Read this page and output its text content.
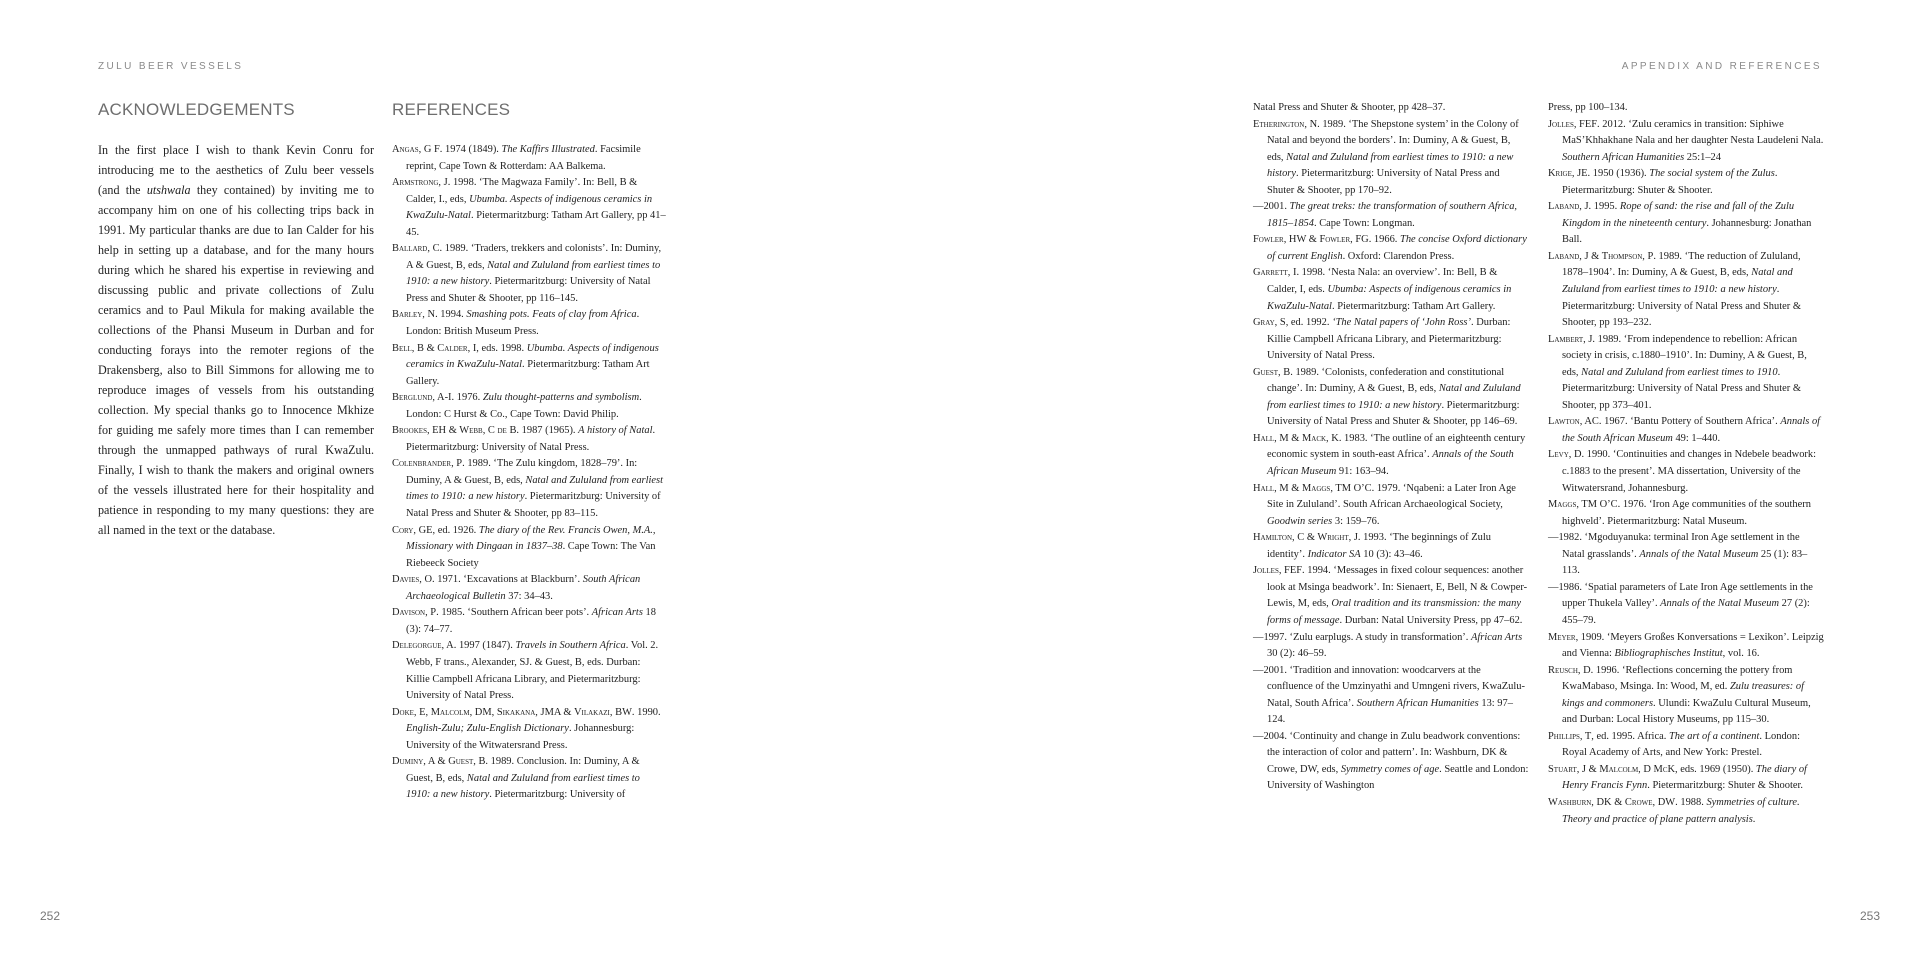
ZULU BEER VESSELS
ACKNOWLEDGEMENTS

In the first place I wish to thank Kevin Conru for introducing me to the aesthetics of Zulu beer vessels (and the utshwala they contained) by inviting me to accompany him on one of his collecting trips back in 1991. My particular thanks are due to Ian Calder for his help in setting up a database, and for the many hours during which he shared his expertise in reviewing and discussing public and private collections of Zulu ceramics and to Paul Mikula for making available the collections of the Phansi Museum in Durban and for conducting forays into the remoter regions of the Drakensberg, also to Bill Simmons for allowing me to reproduce images of vessels from his outstanding collection. My special thanks go to Innocence Mkhize for guiding me safely more times than I can remember through the unmapped pathways of rural KwaZulu. Finally, I wish to thank the makers and original owners of the vessels illustrated here for their hospitality and patience in responding to my many questions: they are all named in the text or the database.

REFERENCES
Angas, G F. 1974 (1849). The Kaffirs Illustrated. Facsimile reprint, Cape Town & Rotterdam: AA Balkema.
Armstrong, J. 1998. ‘The Magwaza Family’. In: Bell, B & Calder, I., eds, Ubumba. Aspects of indigenous ceramics in KwaZulu-Natal. Pietermaritzburg: Tatham Art Gallery, pp 41–45.
Ballard, C. 1989. ‘Traders, trekkers and colonists’. In: Duminy, A & Guest, B, eds, Natal and Zululand from earliest times to 1910: a new history. Pietermaritzburg: University of Natal Press and Shuter & Shooter, pp 116–145.
Barley, N. 1994. Smashing pots. Feats of clay from Africa. London: British Museum Press.
Bell, B & Calder, I, eds. 1998. Ubumba. Aspects of indigenous ceramics in KwaZulu-Natal. Pietermaritzburg: Tatham Art Gallery.
Berglund, A-I. 1976. Zulu thought-patterns and symbolism. London: C Hurst & Co., Cape Town: David Philip.
Brookes, EH & Webb, C de B. 1987 (1965). A history of Natal. Pietermaritzburg: University of Natal Press.
Colenbrander, P. 1989. ‘The Zulu kingdom, 1828–79’. In: Duminy, A & Guest, B, eds, Natal and Zululand from earliest times to 1910: a new history. Pietermaritzburg: University of Natal Press and Shuter & Shooter, pp 83–115.
Cory, GE, ed. 1926. The diary of the Rev. Francis Owen, M.A., Missionary with Dingaan in 1837–38. Cape Town: The Van Riebeeck Society
Davies, O. 1971. ‘Excavations at Blackburn’. South African Archaeological Bulletin 37: 34–43.
Davison, P. 1985. ‘Southern African beer pots’. African Arts 18 (3): 74–77.
Delegorgue, A. 1997 (1847). Travels in Southern Africa. Vol. 2. Webb, F trans., Alexander, SJ. & Guest, B, eds. Durban: Killie Campbell Africana Library, and Pietermaritzburg: University of Natal Press.
Doke, E, Malcolm, DM, Sikakana, JMA & Vilakazi, BW. 1990. English-Zulu; Zulu-English Dictionary. Johannesburg: University of the Witwatersrand Press.
Duminy, A & Guest, B. 1989. Conclusion. In: Duminy, A & Guest, B, eds, Natal and Zululand from earliest times to 1910: a new history. Pietermaritzburg: University of
252
APPENDIX AND REFERENCES
Natal Press and Shuter & Shooter, pp 428–37.
Etherington, N. 1989. ‘The Shepstone system’ in the Colony of Natal and beyond the borders’. In: Duminy, A & Guest, B, eds, Natal and Zululand from earliest times to 1910: a new history. Pietermaritzburg: University of Natal Press and Shuter & Shooter, pp 170–92.
—2001. The great treks: the transformation of southern Africa, 1815–1854. Cape Town: Longman.
Fowler, HW & Fowler, FG. 1966. The concise Oxford dictionary of current English. Oxford: Clarendon Press.
Garrett, I. 1998. ‘Nesta Nala: an overview’. In: Bell, B & Calder, I, eds. Ubumba: Aspects of indigenous ceramics in KwaZulu-Natal. Pietermaritzburg: Tatham Art Gallery.
Gray, S, ed. 1992. ‘The Natal papers of ‘John Ross’. Durban: Killie Campbell Africana Library, and Pietermaritzburg: University of Natal Press.
Guest, B. 1989. ‘Colonists, confederation and constitutional change’. In: Duminy, A & Guest, B, eds, Natal and Zululand from earliest times to 1910: a new history. Pietermaritzburg: University of Natal Press and Shuter & Shooter, pp 146–69.
Hall, M & Mack, K. 1983. ‘The outline of an eighteenth century economic system in south-east Africa’. Annals of the South African Museum 91: 163–94.
Hall, M & Maggs, TM O’C. 1979. ‘Nqabeni: a Later Iron Age Site in Zululand’. South African Archaeological Society, Goodwin series 3: 159–76.
Hamilton, C & Wright, J. 1993. ‘The beginnings of Zulu identity’. Indicator SA 10 (3): 43–46.
Jolles, FEF. 1994. ‘Messages in fixed colour sequences: another look at Msinga beadwork’. In: Sienaert, E, Bell, N & Cowper-Lewis, M, eds, Oral tradition and its transmission: the many forms of message. Durban: Natal University Press, pp 47–62.
—1997. ‘Zulu earplugs. A study in transformation’. African Arts 30 (2): 46–59.
—2001. ‘Tradition and innovation: woodcarvers at the confluence of the Umzinyathi and Umngeni rivers, KwaZulu-Natal, South Africa’. Southern African Humanities 13: 97–124.
—2004. ‘Continuity and change in Zulu beadwork conventions: the interaction of color and pattern’. In: Washburn, DK & Crowe, DW, eds, Symmetry comes of age. Seattle and London: University of Washington
Press, pp 100–134.
Jolles, FEF. 2012. ‘Zulu ceramics in transition: Siphiwe MaS’Khhakhane Nala and her daughter Nesta Laudeleni Nala. Southern African Humanities 25:1–24
Krige, JE. 1950 (1936). The social system of the Zulus. Pietermaritzburg: Shuter & Shooter.
Laband, J. 1995. Rope of sand: the rise and fall of the Zulu Kingdom in the nineteenth century. Johannesburg: Jonathan Ball.
Laband, J & Thompson, P. 1989. ‘The reduction of Zululand, 1878–1904’. In: Duminy, A & Guest, B, eds, Natal and Zululand from earliest times to 1910: a new history. Pietermaritzburg: University of Natal Press and Shuter & Shooter, pp 193–232.
Lambert, J. 1989. ‘From independence to rebellion: African society in crisis, c.1880–1910’. In: Duminy, A & Guest, B, eds, Natal and Zululand from earliest times to 1910. Pietermaritzburg: University of Natal Press and Shuter & Shooter, pp 373–401.
Lawton, AC. 1967. ‘Bantu Pottery of Southern Africa’. Annals of the South African Museum 49: 1–440.
Levy, D. 1990. ‘Continuities and changes in Ndebele beadwork: c.1883 to the present’. MA dissertation, University of the Witwatersrand, Johannesburg.
Maggs, TM O’C. 1976. ‘Iron Age communities of the southern highveld’. Pietermaritzburg: Natal Museum.
—1982. ‘Mgoduyanuka: terminal Iron Age settlement in the Natal grasslands’. Annals of the Natal Museum 25 (1): 83–113.
—1986. ‘Spatial parameters of Late Iron Age settlements in the upper Thukela Valley’. Annals of the Natal Museum 27 (2): 455–79.
Meyer, 1909. ‘Meyers Großes Konversations = Lexikon’. Leipzig and Vienna: Bibliographisches Institut, vol. 16.
Reusch, D. 1996. ‘Reflections concerning the pottery from KwaMabaso, Msinga. In: Wood, M, ed. Zulu treasures: of kings and commoners. Ulundi: KwaZulu Cultural Museum, and Durban: Local History Museums, pp 115–30.
Phillips, T, ed. 1995. Africa. The art of a continent. London: Royal Academy of Arts, and New York: Prestel.
Stuart, J & Malcolm, D McK, eds. 1969 (1950). The diary of Henry Francis Fynn. Pietermaritzburg: Shuter & Shooter.
Washburn, DK & Crowe, DW. 1988. Symmetries of culture. Theory and practice of plane pattern analysis.
253
